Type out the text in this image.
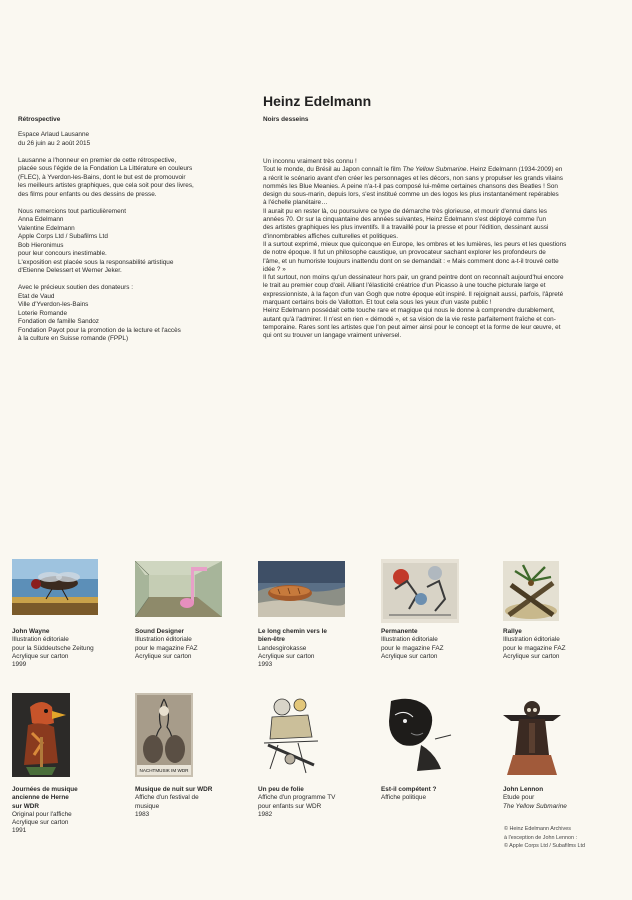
Heinz Edelmann
Noirs desseins
Rétrospective

Espace Arlaud Lausanne
du 26 juin au 2 août 2015

Lausanne a l'honneur en premier de cette rétrospective,
placée sous l'égide de la Fondation La Littérature en couleurs
(FLEC), à Yverdon-les-Bains, dont le but est de promouvoir
les meilleurs artistes graphiques, que cela soit pour des livres,
des films pour enfants ou des dessins de presse.

Nous remercions tout particulièrement
Anna Edelmann
Valentine Edelmann
Apple Corps Ltd / Subafilms Ltd
Bob Hieronimus
pour leur concours inestimable.
L'exposition est placée sous la responsabilité artistique
d'Etienne Delessert et Werner Jeker.

Avec le précieux soutien des donateurs :
Etat de Vaud
Ville d'Yverdon-les-Bains
Loterie Romande
Fondation de famille Sandoz
Fondation Payot pour la promotion de la lecture et l'accès
à la culture en Suisse romande (FPPL)

Un inconnu vraiment très connu !
Tout le monde, du Brésil au Japon connaît le film The Yellow Submarine. Heinz Edelmann (1934-2009) en
a récrit le scénario avant d'en créer les personnages et les décors, non sans y propulser les grands vilains
nommés les Blue Meanies. A peine n'a-t-il pas composé lui-même certaines chansons des Beatles ! Son
design du sous-marin, depuis lors, s'est institué comme un des logos les plus instantanément repérables
à l'échelle planétaire…
Il aurait pu en rester là, ou poursuivre ce type de démarche très glorieuse, et mourir d'ennui dans les
années 70. Or sur la cinquantaine des années suivantes, Heinz Edelmann s'est déployé comme l'un
des artistes graphiques les plus inventifs. Il a travaillé pour la presse et pour l'édition, dessinant aussi
d'innombrables affiches culturelles et politiques.
Il a surtout exprimé, mieux que quiconque en Europe, les ombres et les lumières, les peurs et les questions
de notre époque. Il fut un philosophe caustique, un provocateur sachant explorer les profondeurs de
l'âme, et un humoriste toujours inattendu dont on se demandait : « Mais comment donc a-t-il trouvé cette
idée ? »
Il fut surtout, non moins qu'un dessinateur hors pair, un grand peintre dont on reconnaît aujourd'hui encore
le trait au premier coup d'œil. Alliant l'élasticité créatrice d'un Picasso à une touche picturale large et
expressionniste, à la façon d'un van Gogh que notre époque eût inspiré. Il rejoignait aussi, parfois, l'âpreté
marquant certains bois de Vallotton. Et tout cela sous les yeux d'un vaste public !
Heinz Edelmann possédait cette touche rare et magique qui nous le donne à comprendre durablement,
autant qu'à l'admirer. Il n'est en rien « démodé », et sa vision de la vie reste parfaitement fraîche et con-
temporaine. Rares sont les artistes que l'on peut aimer ainsi pour le concept et la forme de leur œuvre, et
qui ont su trouver un langage vraiment universel.
John Wayne
Illustration éditoriale
pour la Süddeutsche Zeitung
Acrylique sur carton
1999
Sound Designer
Illustration éditoriale
pour le magazine FAZ
Acrylique sur carton
Le long chemin vers le
bien-être
Landesgirokasse
Acrylique sur carton
1993
Permanente
Illustration éditoriale
pour le magazine FAZ
Acrylique sur carton
Rallye
Illustration éditoriale
pour le magazine FAZ
Acrylique sur carton
NACHTMUSIK IM WDR
Journées de musique
ancienne de Herne
sur WDR
Original pour l'affiche
Acrylique sur carton
1991
Musique de nuit sur WDR
Affiche d'un festival de
musique
1983
Un peu de folie
Affiche d'un programme TV
pour enfants sur WDR
1982
Est-il compétent ?
Affiche politique
John Lennon
Etude pour
The Yellow Submarine
© Heinz Edelmann Archives
à l'exception de John Lennon :
© Apple Corps Ltd / Subafilms Ltd
